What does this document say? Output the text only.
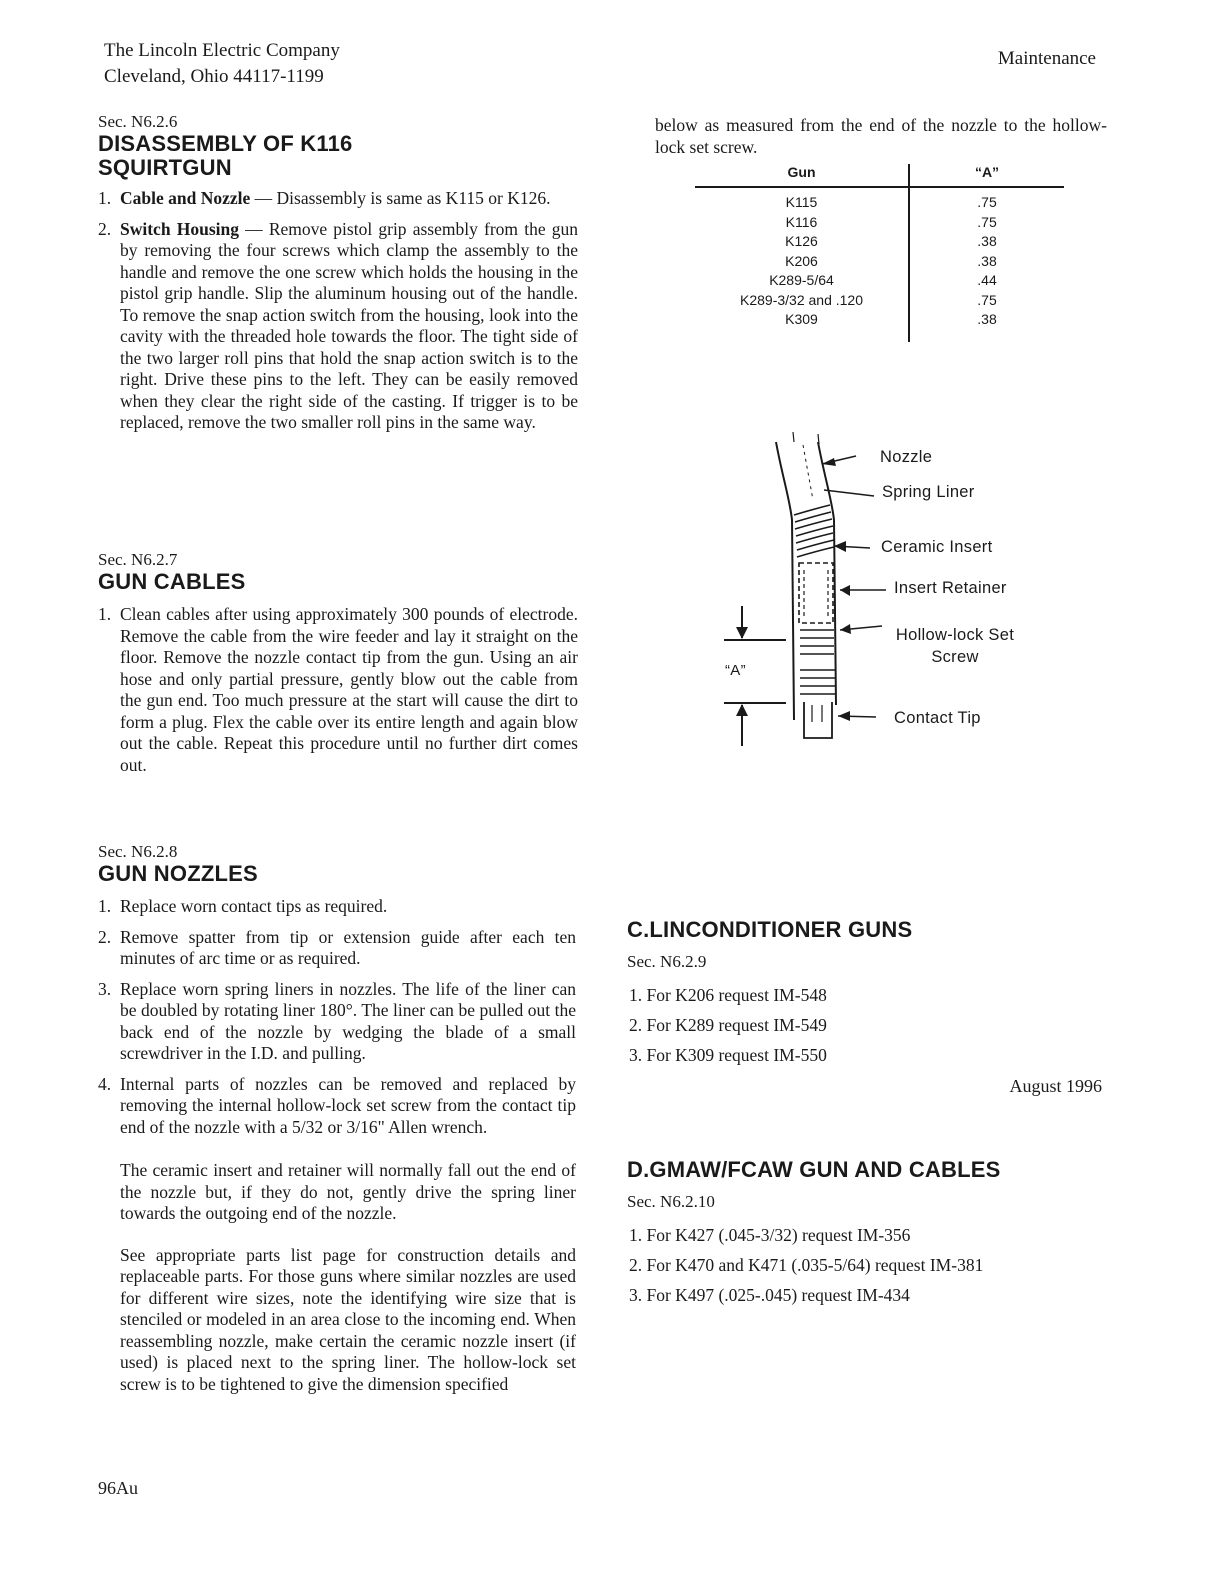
The Lincoln Electric Company
Cleveland, Ohio 44117-1199
Maintenance
Sec. N6.2.6
DISASSEMBLY OF K116
SQUIRTGUN
1. Cable and Nozzle — Disassembly is same as K115 or K126.
2. Switch Housing — Remove pistol grip assembly from the gun by removing the four screws which clamp the assembly to the handle and remove the one screw which holds the housing in the pistol grip handle. Slip the aluminum housing out of the handle. To remove the snap action switch from the housing, look into the cavity with the threaded hole towards the floor. The tight side of the two larger roll pins that hold the snap action switch is to the right. Drive these pins to the left. They can be easily removed when they clear the right side of the casting. If trigger is to be replaced, remove the two smaller roll pins in the same way.
Sec. N6.2.7
GUN CABLES
1. Clean cables after using approximately 300 pounds of electrode. Remove the cable from the wire feeder and lay it straight on the floor. Remove the nozzle contact tip from the gun. Using an air hose and only partial pressure, gently blow out the cable from the gun end. Too much pressure at the start will cause the dirt to form a plug. Flex the cable over its entire length and again blow out the cable. Repeat this procedure until no further dirt comes out.
Sec. N6.2.8
GUN NOZZLES
1. Replace worn contact tips as required.
2. Remove spatter from tip or extension guide after each ten minutes of arc time or as required.
3. Replace worn spring liners in nozzles. The life of the liner can be doubled by rotating liner 180°. The liner can be pulled out the back end of the nozzle by wedging the blade of a small screwdriver in the I.D. and pulling.
4. Internal parts of nozzles can be removed and replaced by removing the internal hollow-lock set screw from the contact tip end of the nozzle with a 5/32 or 3/16" Allen wrench.

The ceramic insert and retainer will normally fall out the end of the nozzle but, if they do not, gently drive the spring liner towards the outgoing end of the nozzle.

See appropriate parts list page for construction details and replaceable parts. For those guns where similar nozzles are used for different wire sizes, note the identifying wire size that is stenciled or modeled in an area close to the incoming end. When reassembling nozzle, make certain the ceramic nozzle insert (if used) is placed next to the spring liner. The hollow-lock set screw is to be tightened to give the dimension specified

96Au
below as measured from the end of the nozzle to the hollow-lock set screw.
Gun	“A”
K115	.75
K116	.75
K126	.38
K206	.38
K289-5/64	.44
K289-3/32 and .120	.75
K309	.38
Nozzle
Spring Liner
Ceramic Insert
Insert Retainer
Hollow-lock Set
Screw
Contact Tip
“A”
C.LINCONDITIONER GUNS
Sec. N6.2.9
1. For K206 request IM-548
2. For K289 request IM-549
3. For K309 request IM-550
August 1996
D.GMAW/FCAW GUN AND CABLES
Sec. N6.2.10
1. For K427 (.045-3/32) request IM-356
2. For K470 and K471 (.035-5/64) request IM-381
3. For K497 (.025-.045) request IM-434
